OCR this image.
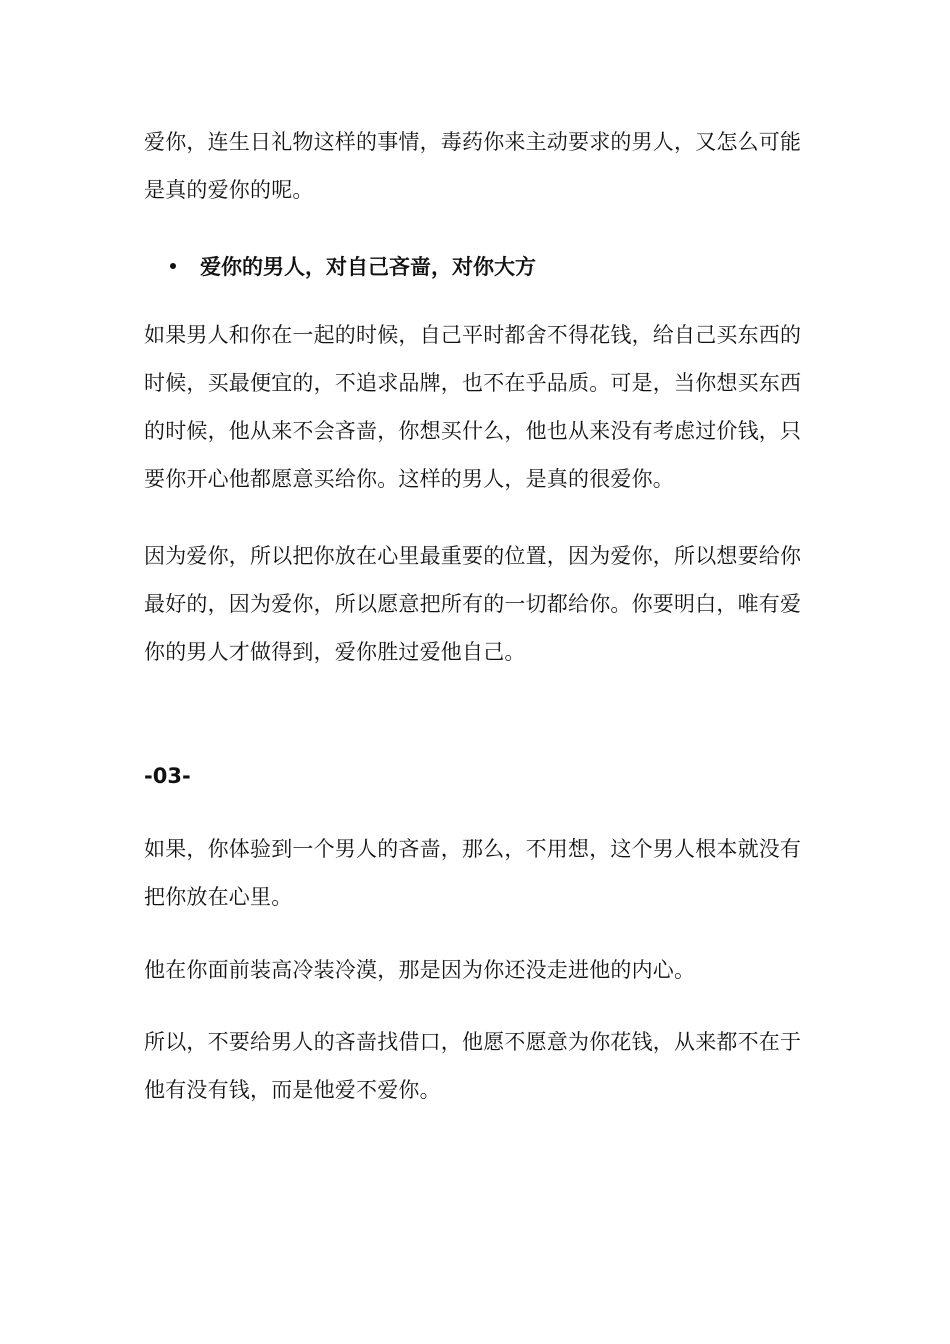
爱你，连生日礼物这样的事情，毒药你来主动要求的男人，又怎么可能是真的爱你的呢。

爱你的男人，对自己吝啬，对你大方

如果男人和你在一起的时候，自己平时都舍不得花钱，给自己买东西的时候，买最便宜的，不追求品牌，也不在乎品质。可是，当你想买东西的时候，他从来不会吝啬，你想买什么，他也从来没有考虑过价钱，只要你开心他都愿意买给你。这样的男人，是真的很爱你。

因为爱你，所以把你放在心里最重要的位置，因为爱你，所以想要给你最好的，因为爱你，所以愿意把所有的一切都给你。你要明白，唯有爱你的男人才做得到，爱你胜过爱他自己。

-03-

如果，你体验到一个男人的吝啬，那么，不用想，这个男人根本就没有把你放在心里。

他在你面前装高冷装冷漠，那是因为你还没走进他的内心。

所以，不要给男人的吝啬找借口，他愿不愿意为你花钱，从来都不在于他有没有钱，而是他爱不爱你。
